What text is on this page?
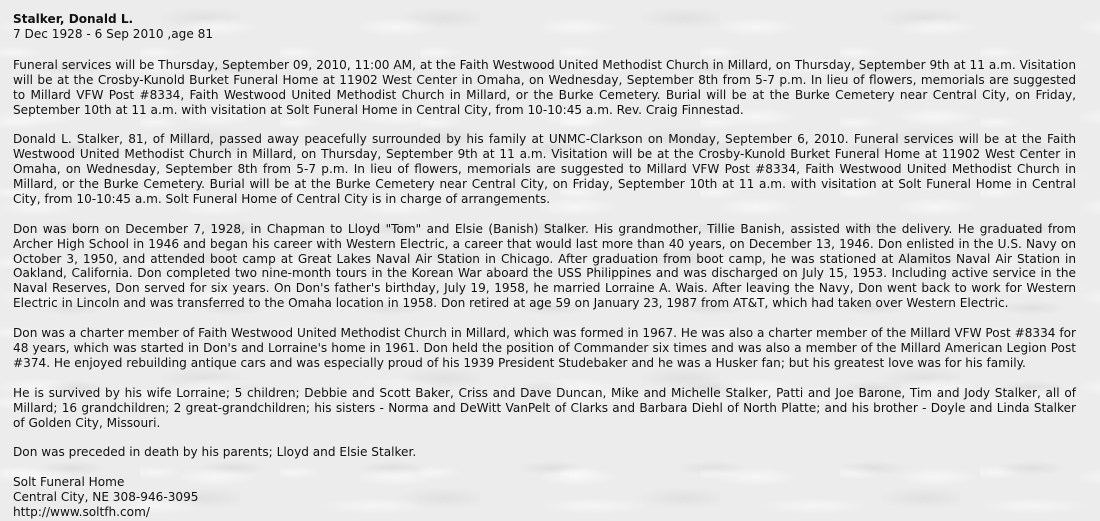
Stalker, Donald L.
7 Dec 1928 - 6 Sep 2010 ,age 81

Funeral services will be Thursday, September 09, 2010, 11:00 AM, at the Faith Westwood United Methodist Church in Millard, on Thursday, September 9th at 11 a.m. Visitation will be at the Crosby-Kunold Burket Funeral Home at 11902 West Center in Omaha, on Wednesday, September 8th from 5-7 p.m. In lieu of flowers, memorials are suggested to Millard VFW Post #8334, Faith Westwood United Methodist Church in Millard, or the Burke Cemetery. Burial will be at the Burke Cemetery near Central City, on Friday, September 10th at 11 a.m. with visitation at Solt Funeral Home in Central City, from 10-10:45 a.m. Rev. Craig Finnestad.

Donald L. Stalker, 81, of Millard, passed away peacefully surrounded by his family at UNMC-Clarkson on Monday, September 6, 2010. Funeral services will be at the Faith Westwood United Methodist Church in Millard, on Thursday, September 9th at 11 a.m. Visitation will be at the Crosby-Kunold Burket Funeral Home at 11902 West Center in Omaha, on Wednesday, September 8th from 5-7 p.m. In lieu of flowers, memorials are suggested to Millard VFW Post #8334, Faith Westwood United Methodist Church in Millard, or the Burke Cemetery. Burial will be at the Burke Cemetery near Central City, on Friday, September 10th at 11 a.m. with visitation at Solt Funeral Home in Central City, from 10-10:45 a.m. Solt Funeral Home of Central City is in charge of arrangements.

Don was born on December 7, 1928, in Chapman to Lloyd "Tom" and Elsie (Banish) Stalker. His grandmother, Tillie Banish, assisted with the delivery. He graduated from Archer High School in 1946 and began his career with Western Electric, a career that would last more than 40 years, on December 13, 1946. Don enlisted in the U.S. Navy on October 3, 1950, and attended boot camp at Great Lakes Naval Air Station in Chicago. After graduation from boot camp, he was stationed at Alamitos Naval Air Station in Oakland, California. Don completed two nine-month tours in the Korean War aboard the USS Philippines and was discharged on July 15, 1953. Including active service in the Naval Reserves, Don served for six years. On Don's father's birthday, July 19, 1958, he married Lorraine A. Wais. After leaving the Navy, Don went back to work for Western Electric in Lincoln and was transferred to the Omaha location in 1958. Don retired at age 59 on January 23, 1987 from AT&T, which had taken over Western Electric.

Don was a charter member of Faith Westwood United Methodist Church in Millard, which was formed in 1967. He was also a charter member of the Millard VFW Post #8334 for 48 years, which was started in Don's and Lorraine's home in 1961. Don held the position of Commander six times and was also a member of the Millard American Legion Post #374. He enjoyed rebuilding antique cars and was especially proud of his 1939 President Studebaker and he was a Husker fan; but his greatest love was for his family.

He is survived by his wife Lorraine; 5 children; Debbie and Scott Baker, Criss and Dave Duncan, Mike and Michelle Stalker, Patti and Joe Barone, Tim and Jody Stalker, all of Millard; 16 grandchildren; 2 great-grandchildren; his sisters - Norma and DeWitt VanPelt of Clarks and Barbara Diehl of North Platte; and his brother - Doyle and Linda Stalker of Golden City, Missouri.

Don was preceded in death by his parents; Lloyd and Elsie Stalker.

Solt Funeral Home
Central City, NE 308-946-3095
http://www.soltfh.com/
